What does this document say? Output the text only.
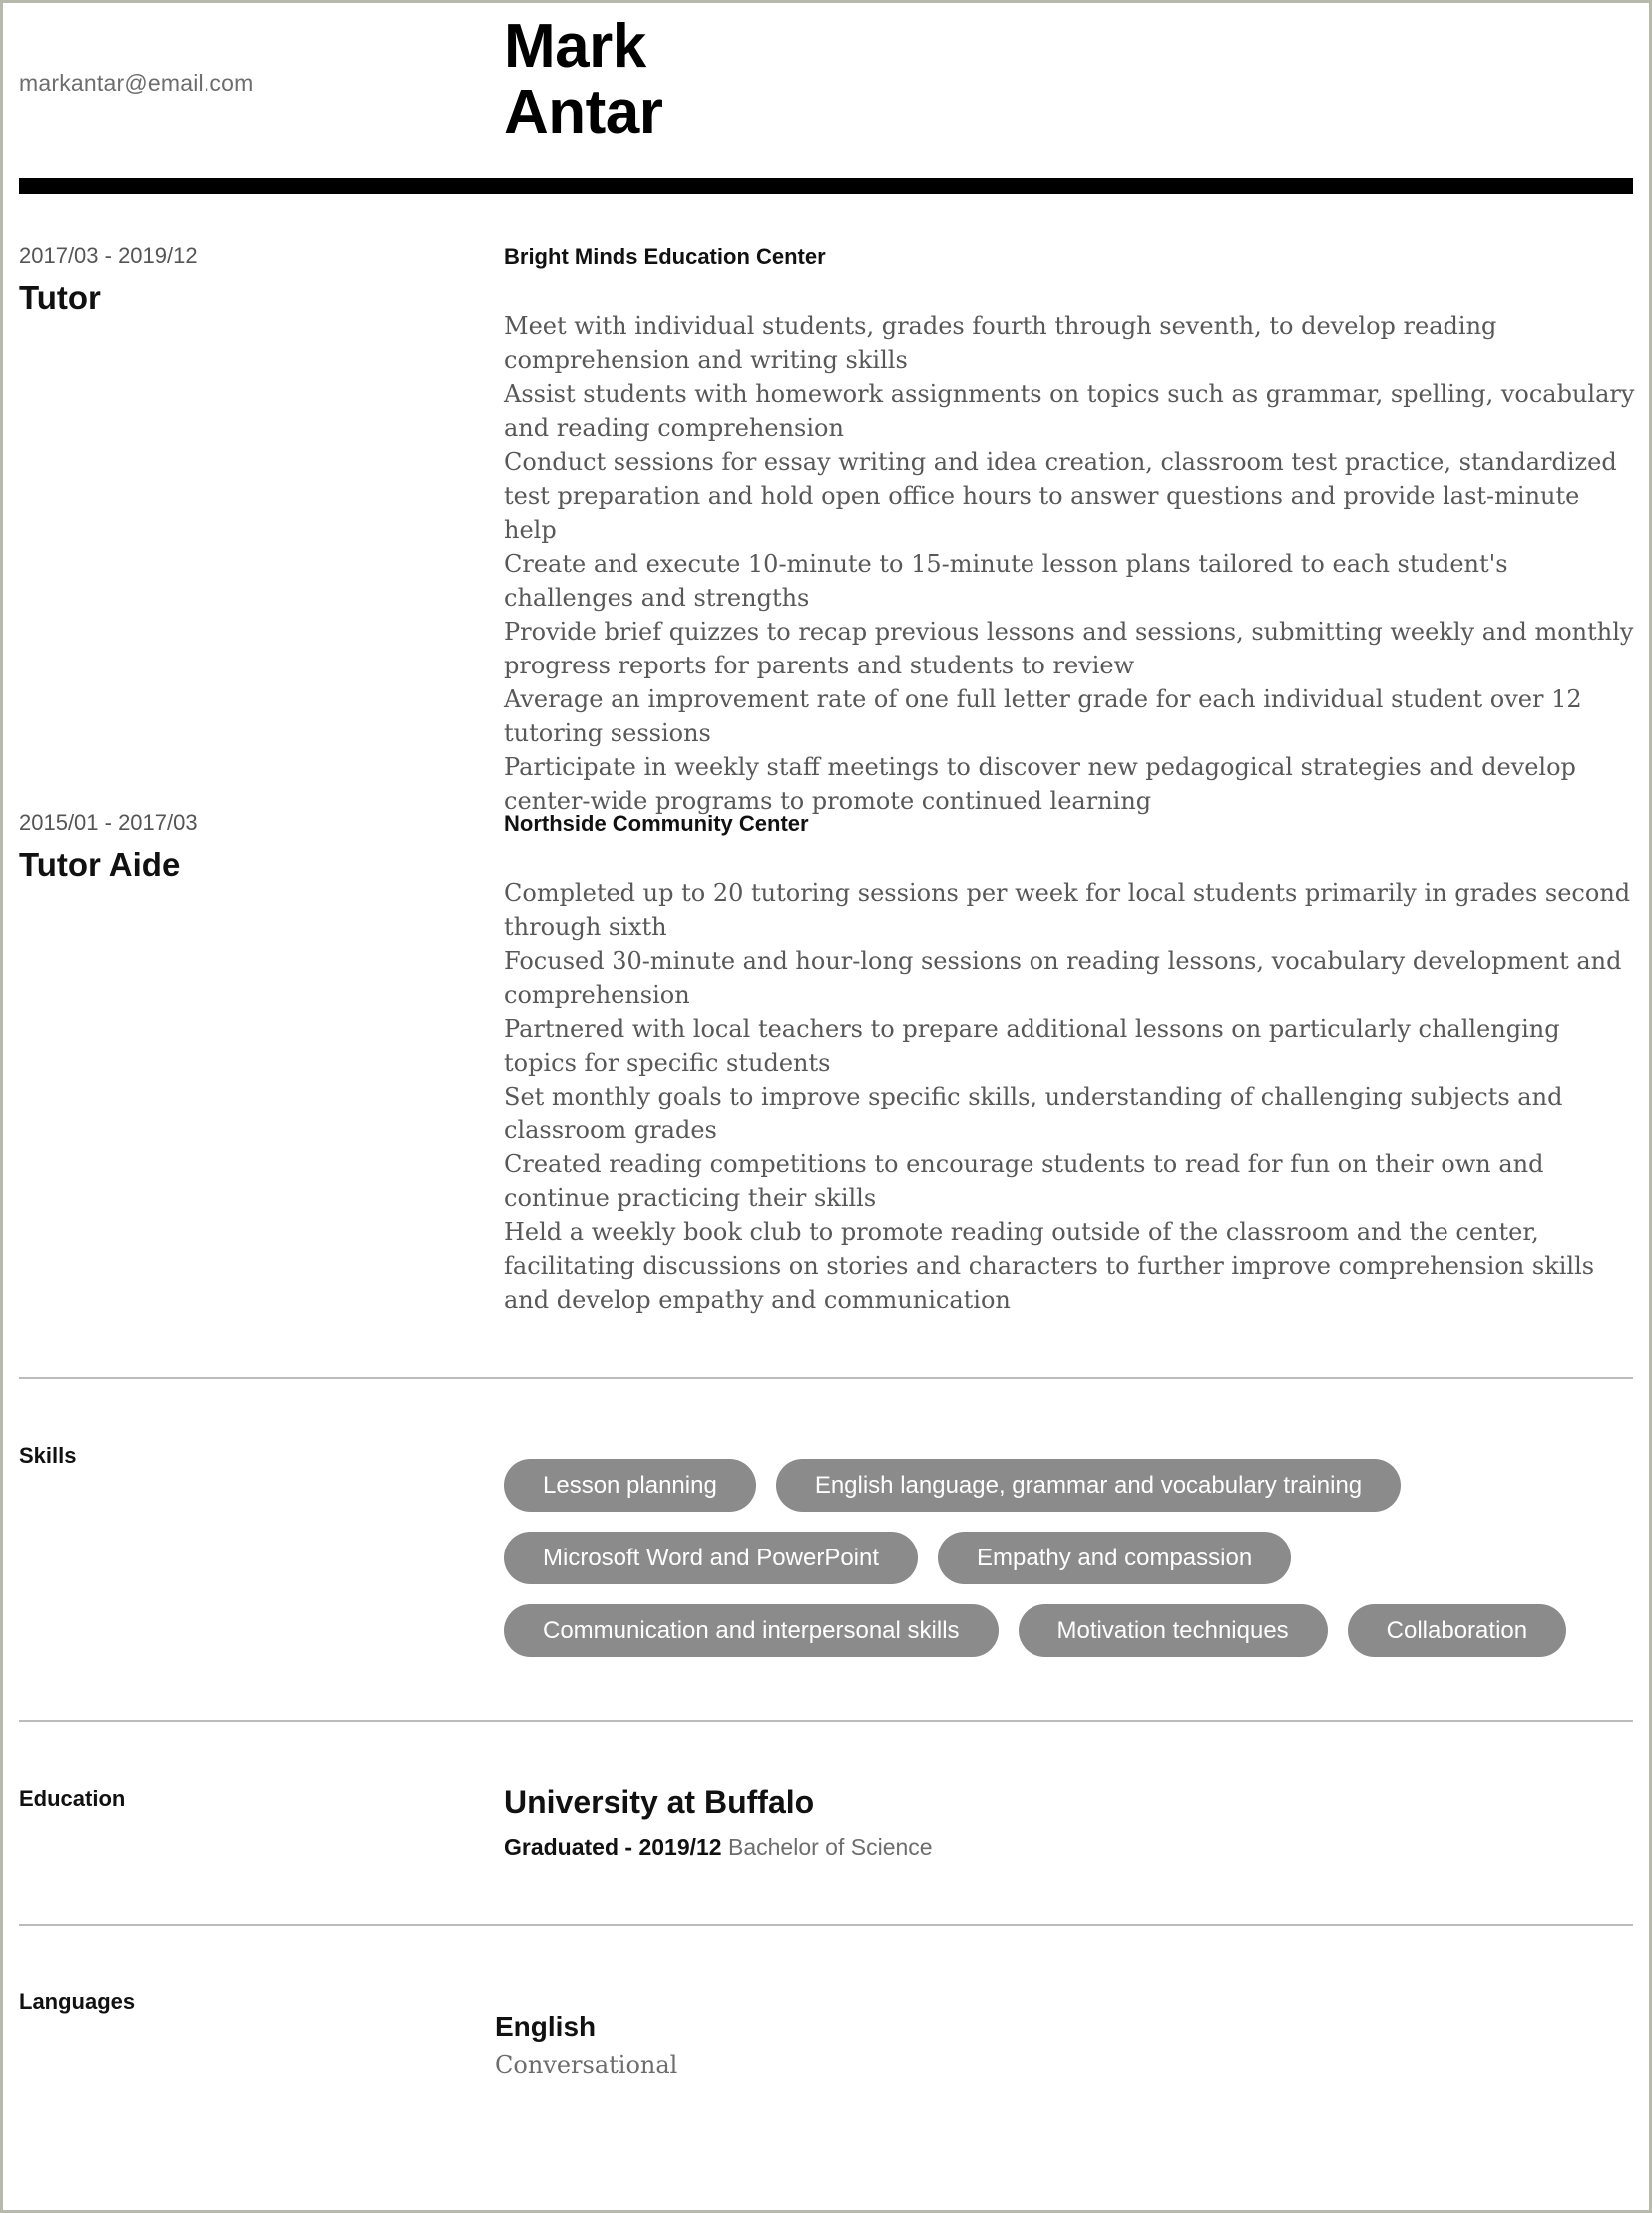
markantar@email.com
Mark
Antar
2017/03 - 2019/12
Tutor
Bright Minds Education Center
Meet with individual students, grades fourth through seventh, to develop reading comprehension and writing skills
Assist students with homework assignments on topics such as grammar, spelling, vocabulary and reading comprehension
Conduct sessions for essay writing and idea creation, classroom test practice, standardized test preparation and hold open office hours to answer questions and provide last-minute help
Create and execute 10-minute to 15-minute lesson plans tailored to each student's challenges and strengths
Provide brief quizzes to recap previous lessons and sessions, submitting weekly and monthly progress reports for parents and students to review
Average an improvement rate of one full letter grade for each individual student over 12 tutoring sessions
Participate in weekly staff meetings to discover new pedagogical strategies and develop center-wide programs to promote continued learning
2015/01 - 2017/03
Tutor Aide
Northside Community Center
Completed up to 20 tutoring sessions per week for local students primarily in grades second through sixth
Focused 30-minute and hour-long sessions on reading lessons, vocabulary development and comprehension
Partnered with local teachers to prepare additional lessons on particularly challenging topics for specific students
Set monthly goals to improve specific skills, understanding of challenging subjects and classroom grades
Created reading competitions to encourage students to read for fun on their own and continue practicing their skills
Held a weekly book club to promote reading outside of the classroom and the center, facilitating discussions on stories and characters to further improve comprehension skills and develop empathy and communication
Skills
Lesson planning	English language, grammar and vocabulary training
Microsoft Word and PowerPoint	Empathy and compassion
Communication and interpersonal skills	Motivation techniques	Collaboration
Education	University at Buffalo
Graduated - 2019/12 Bachelor of Science
Languages
English
Conversational
